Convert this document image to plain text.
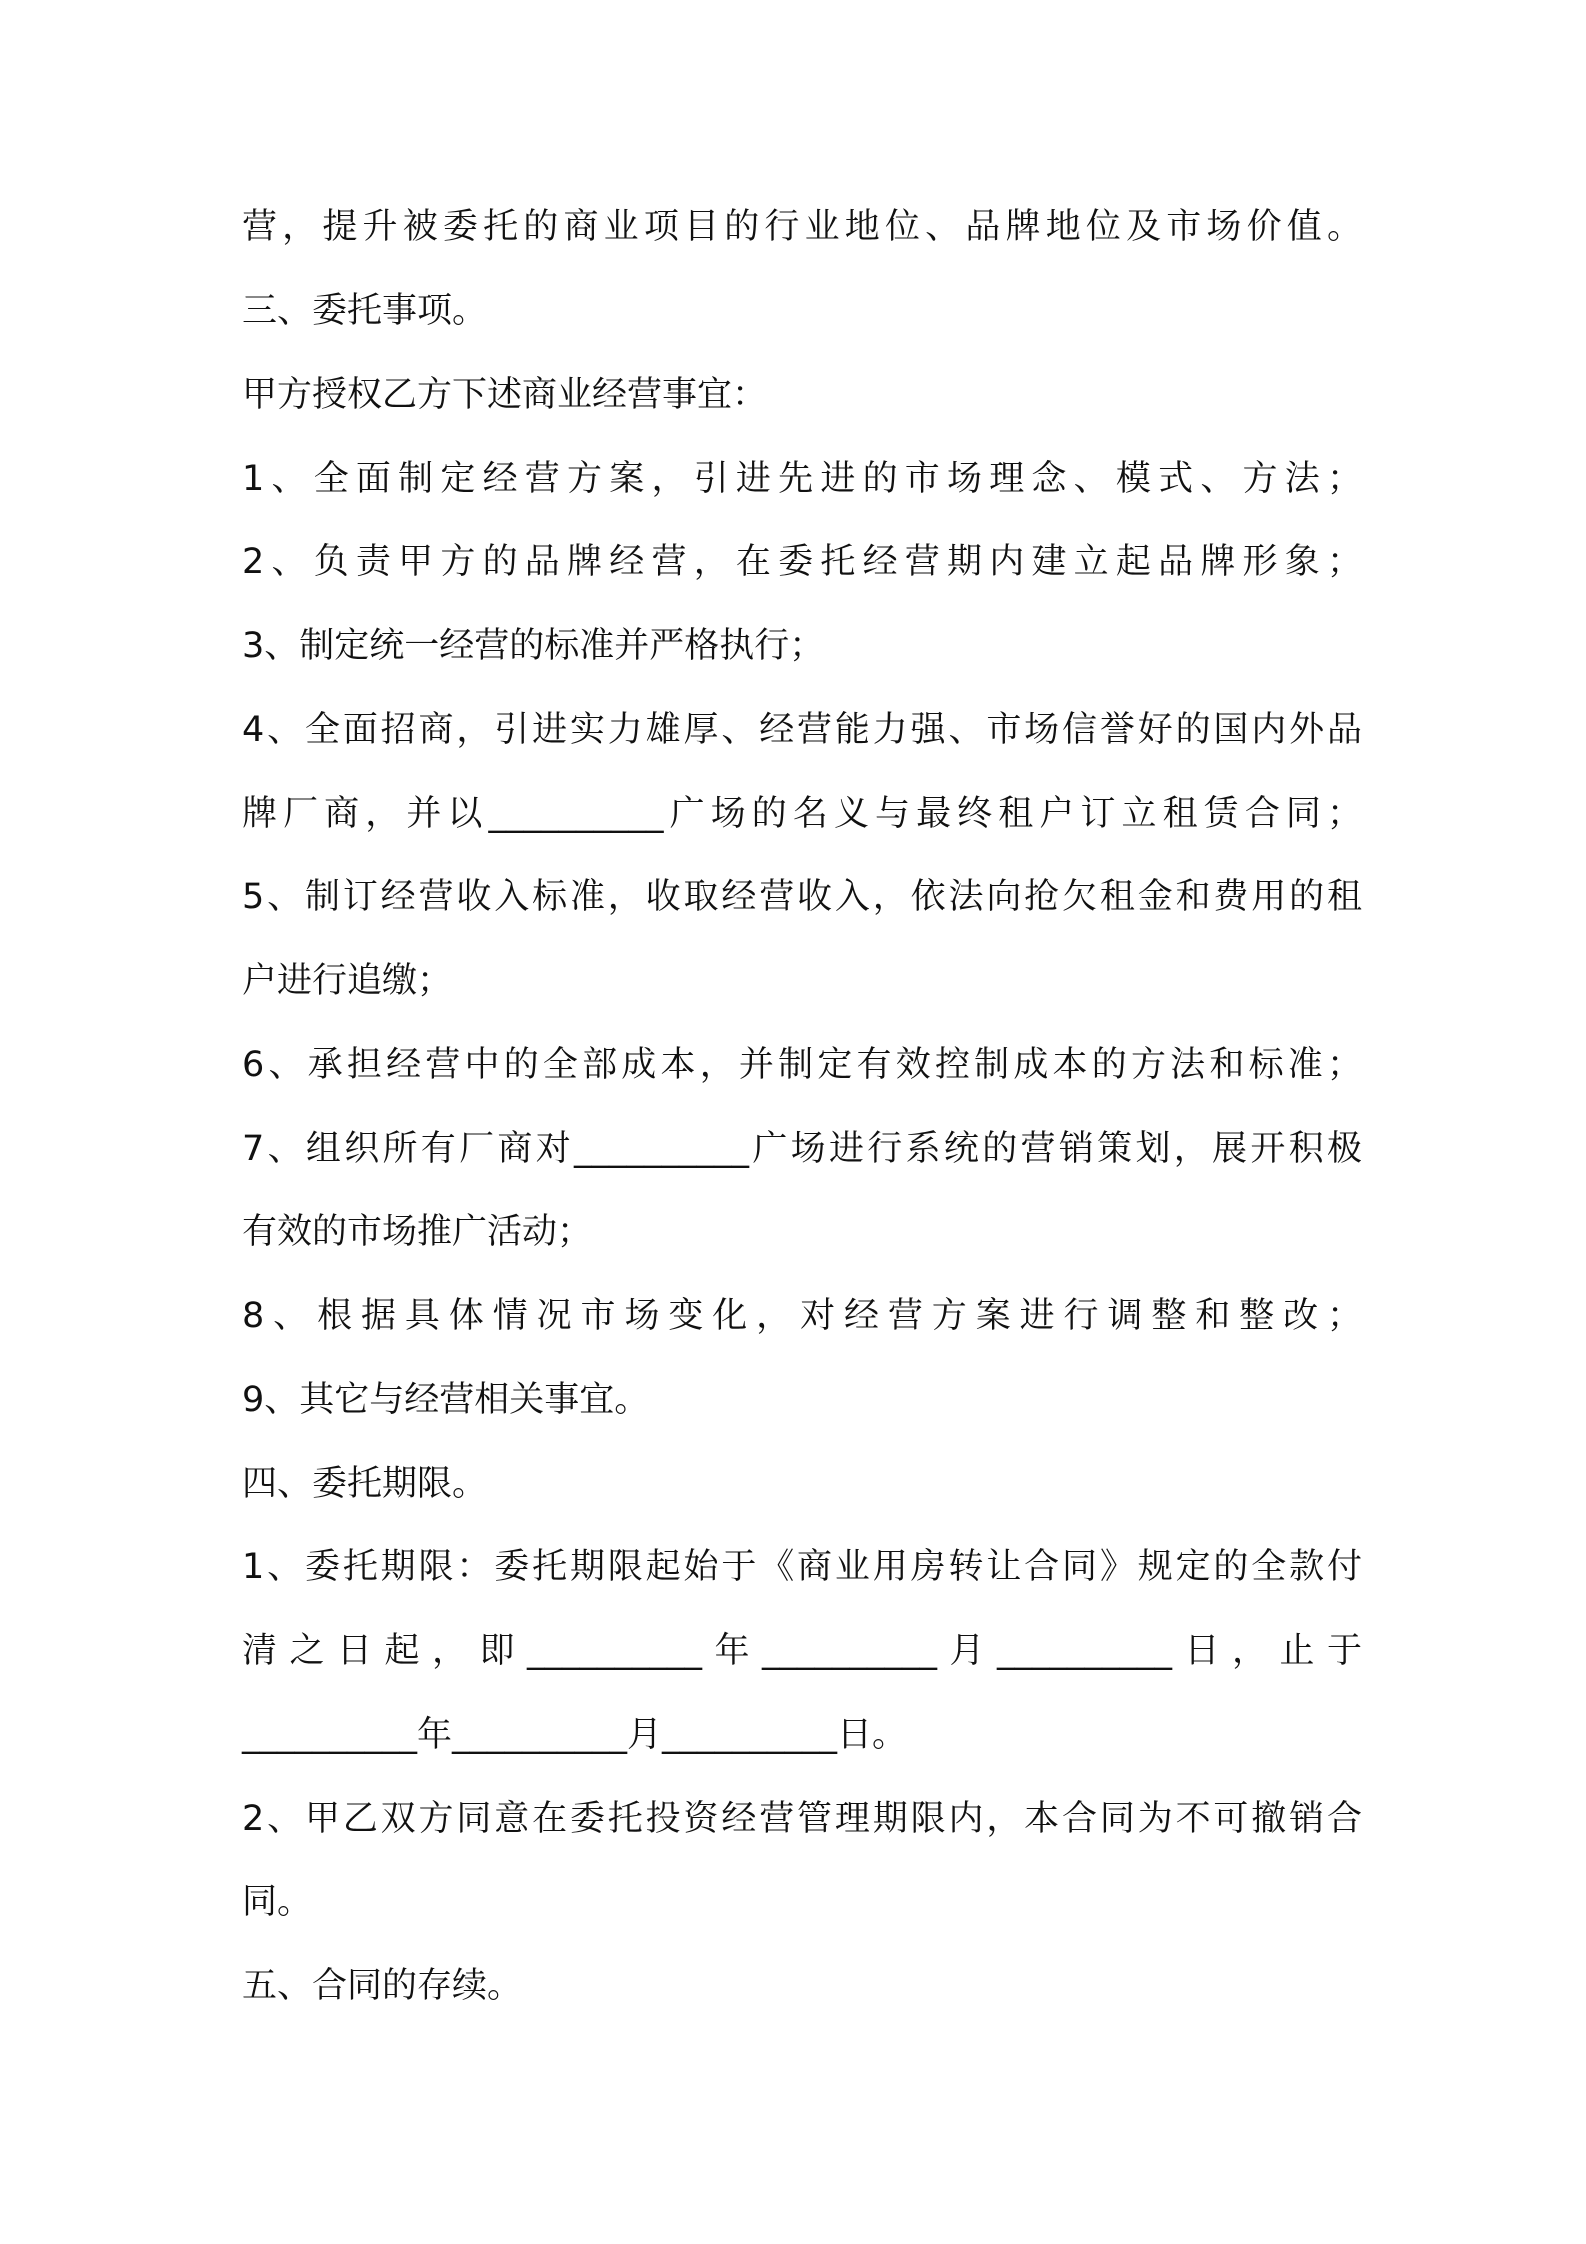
营，提升被委托的商业项目的行业地位、品牌地位及市场价值。

三、委托事项。

甲方授权乙方下述商业经营事宜：

1、全面制定经营方案，引进先进的市场理念、模式、方法；

2、负责甲方的品牌经营，在委托经营期内建立起品牌形象；

3、制定统一经营的标准并严格执行；

4、全面招商，引进实力雄厚、经营能力强、市场信誉好的国内外品

牌厂商，并以__________广场的名义与最终租户订立租赁合同；

5、制订经营收入标准，收取经营收入，依法向抢欠租金和费用的租

户进行追缴；

6、承担经营中的全部成本，并制定有效控制成本的方法和标准；

7、组织所有厂商对__________广场进行系统的营销策划，展开积极

有效的市场推广活动；

8、根据具体情况市场变化，对经营方案进行调整和整改；

9、其它与经营相关事宜。

四、委托期限。

1、委托期限：委托期限起始于《商业用房转让合同》规定的全款付

清之日起，即__________年__________月__________日，止于

__________年__________月__________日。

2、甲乙双方同意在委托投资经营管理期限内，本合同为不可撤销合

同。

五、合同的存续。
